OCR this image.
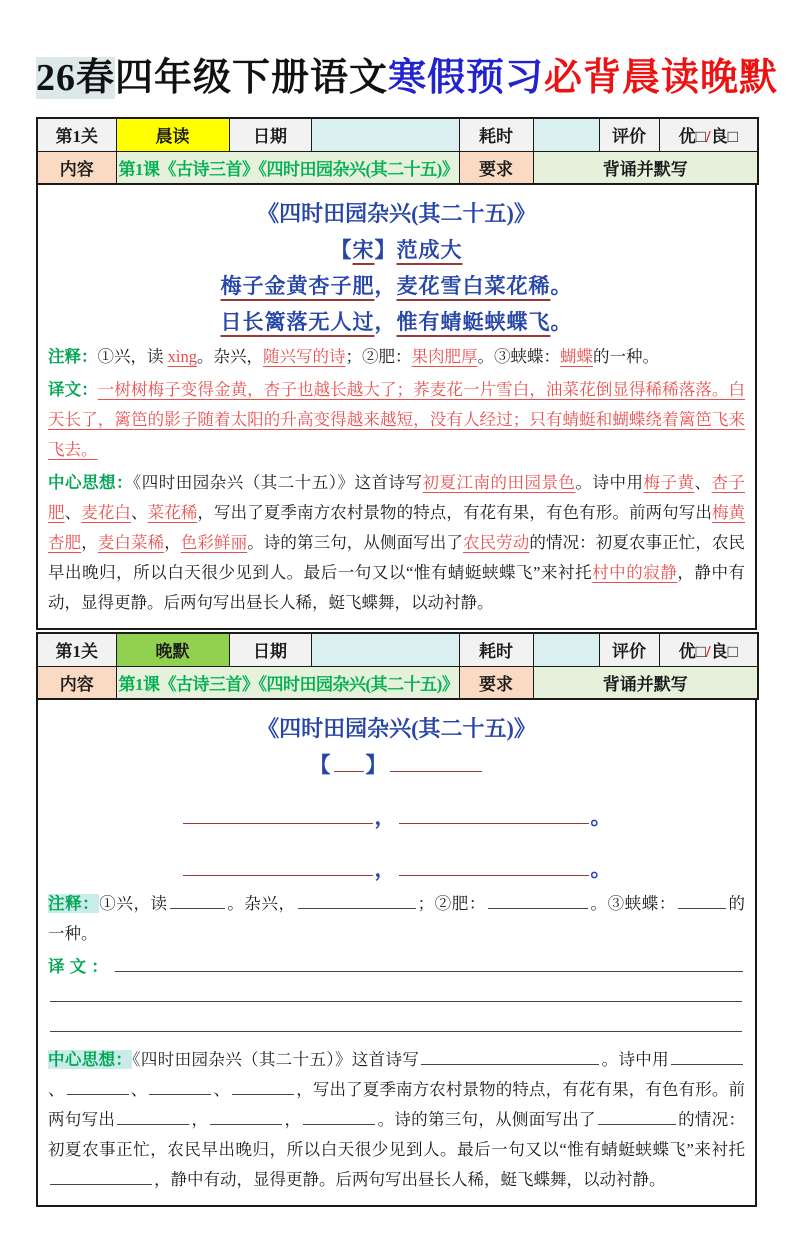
26春四年级下册语文寒假预习必背晨读晚默
第1关	晨读	日期		耗时		评价	优□/良□
内容	第1课《古诗三首》《四时田园杂兴(其二十五)》			要求	背诵并默写		
《四时田园杂兴(其二十五)》
【宋】范成大
梅子金黄杏子肥，麦花雪白菜花稀。
日长篱落无人过，惟有蜻蜓蛱蝶飞。

注释：①兴，读 xìng。杂兴，随兴写的诗；②肥：果肉肥厚。③蛱蝶：蝴蝶的一种。

译文：一树树梅子变得金黄，杏子也越长越大了；荞麦花一片雪白，油菜花倒显得稀稀落落。白天长了，篱笆的影子随着太阳的升高变得越来越短，没有人经过；只有蜻蜓和蝴蝶绕着篱笆飞来飞去。

中心思想：《四时田园杂兴（其二十五）》这首诗写初夏江南的田园景色。诗中用梅子黄、杏子肥、麦花白、菜花稀，写出了夏季南方农村景物的特点，有花有果，有色有形。前两句写出梅黄杏肥，麦白菜稀，色彩鲜丽。诗的第三句，从侧面写出了农民劳动的情况：初夏农事正忙，农民早出晚归，所以白天很少见到人。最后一句又以“惟有蜻蜓蛱蝶飞”来衬托村中的寂静，静中有动，显得更静。后两句写出昼长人稀，蜓飞蝶舞，以动衬静。

第1关	晚默	日期		耗时		评价	优□/良□
内容	第1课《古诗三首》《四时田园杂兴(其二十五)》			要求	背诵并默写		
《四时田园杂兴(其二十五)》
【 】
，	。
，	。

注释：①兴，读	。杂兴，	；②肥：	。③蛱蝶：	的一种。

译文：

中心思想：《四时田园杂兴（其二十五）》这首诗写	。诗中用、	、	、	，写出了夏季南方农村景物的特点，有花有果，有色有形。前两句写出	，	，	。诗的第三句，从侧面写出了	的情况：初夏农事正忙，农民早出晚归，所以白天很少见到人。最后一句又以“惟有蜻蜓蛱蝶飞”来衬托，静中有动，显得更静。后两句写出昼长人稀，蜓飞蝶舞，以动衬静。
